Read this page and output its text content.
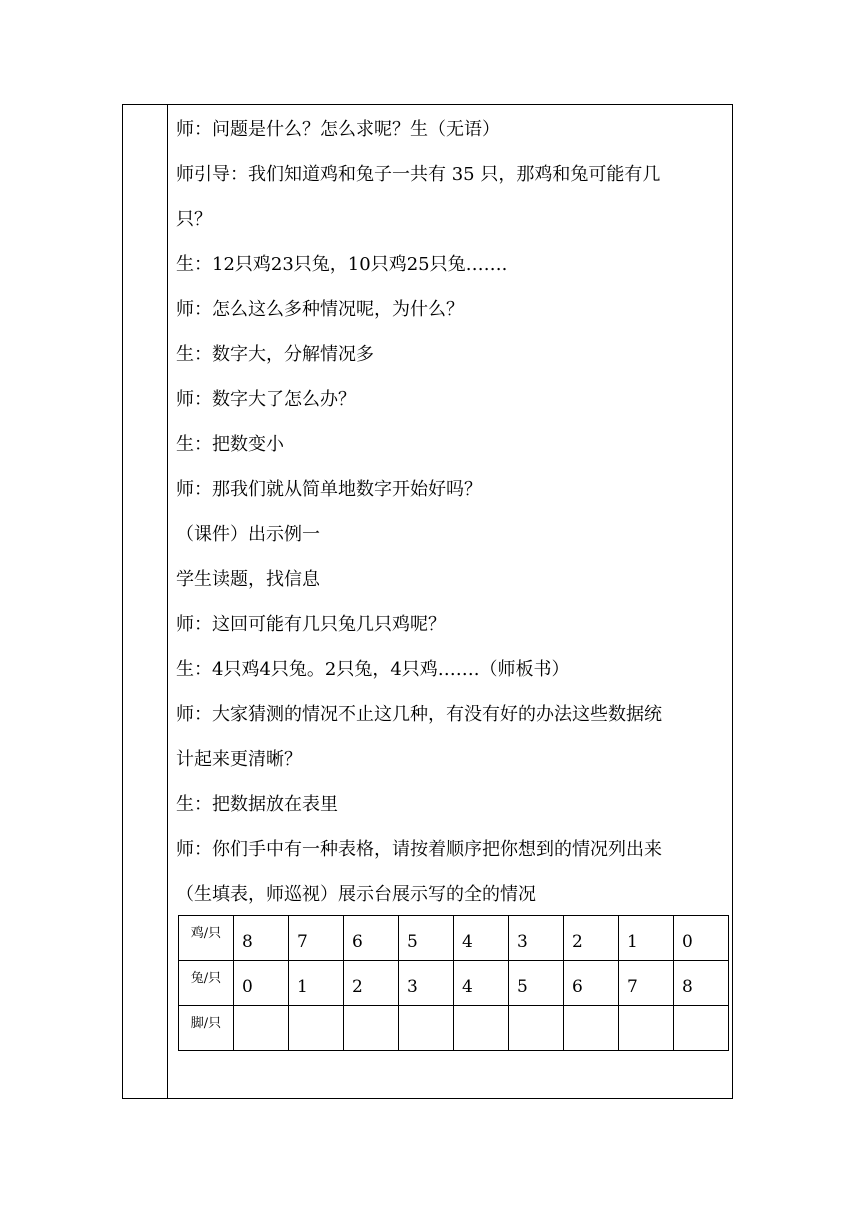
师：问题是什么？怎么求呢？生（无语）
师引导：我们知道鸡和兔子一共有 35 只，那鸡和兔可能有几
只？
生：12只鸡23只兔，10只鸡25只兔…….
师：怎么这么多种情况呢，为什么？
生：数字大，分解情况多
师：数字大了怎么办？
生：把数变小
师：那我们就从简单地数字开始好吗？
（课件）出示例一
学生读题，找信息
师：这回可能有几只兔几只鸡呢？
生：4只鸡4只兔。2只兔，4只鸡…….（师板书）
师：大家猜测的情况不止这几种，有没有好的办法这些数据统
计起来更清晰？
生：把数据放在表里
师：你们手中有一种表格，请按着顺序把你想到的情况列出来
（生填表，师巡视）展示台展示写的全的情况
鸡/只	8	7	6	5	4	3	2	1	0
兔/只	0	1	2	3	4	5	6	7	8
脚/只									
